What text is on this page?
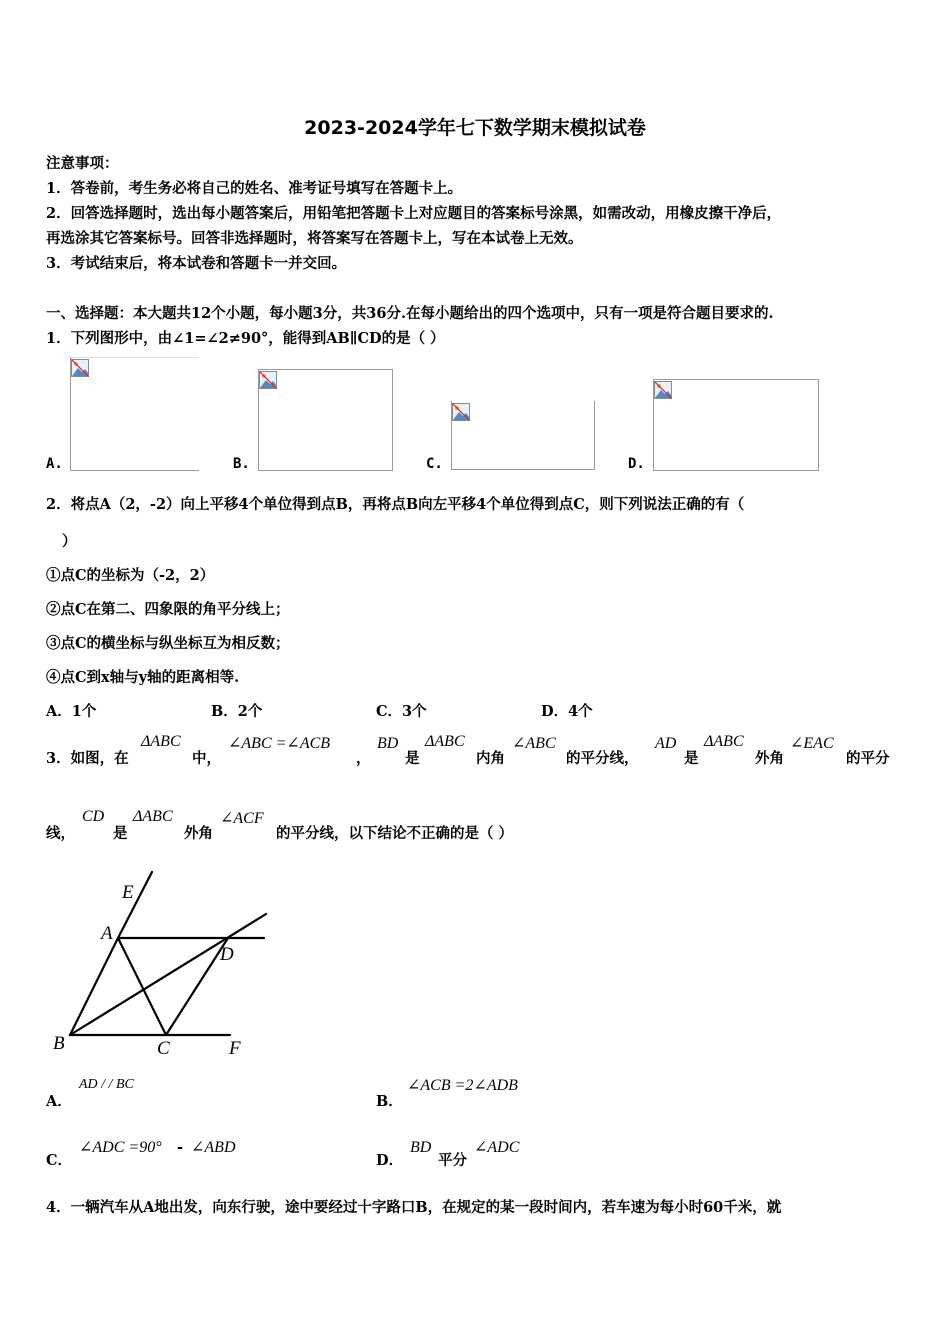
2023-2024学年七下数学期末模拟试卷
注意事项：
1．答卷前，考生务必将自己的姓名、准考证号填写在答题卡上。
2．回答选择题时，选出每小题答案后，用铅笔把答题卡上对应题目的答案标号涂黑，如需改动，用橡皮擦干净后，
再选涂其它答案标号。回答非选择题时，将答案写在答题卡上，写在本试卷上无效。
3．考试结束后，将本试卷和答题卡一并交回。
一、选择题：本大题共12个小题，每小题3分，共36分.在每小题给出的四个选项中，只有一项是符合题目要求的.
1．下列图形中，由∠1=∠2≠90°，能得到AB∥CD的是（ ）
A.	B.	C.	D.
2．将点A（2，-2）向上平移4个单位得到点B，再将点B向左平移4个单位得到点C，则下列说法正确的有（
）
①点C的坐标为（-2，2）
②点C在第二、四象限的角平分线上；
③点C的横坐标与纵坐标互为相反数；
④点C到x轴与y轴的距离相等.
A．1个	B．2个	C．3个	D．4个
3．如图，在
ΔABC
中，
∠ABC =∠ACB
，
BD
是
ΔABC
内角
∠ABC
的平分线，
AD
是
ΔABC
外角
∠EAC
的平分
线，
CD
是
ΔABC
外角
∠ACF
的平分线，以下结论不正确的是（ ）
E
A
D
B	C	F
A．
AD / / BC
B．
∠ACB =2∠ADB
C．
∠ADC =90° - ∠ABD
D．
BD
平分
∠ADC
4．一辆汽车从A地出发，向东行驶，途中要经过十字路口B，在规定的某一段时间内，若车速为每小时60千米，就
